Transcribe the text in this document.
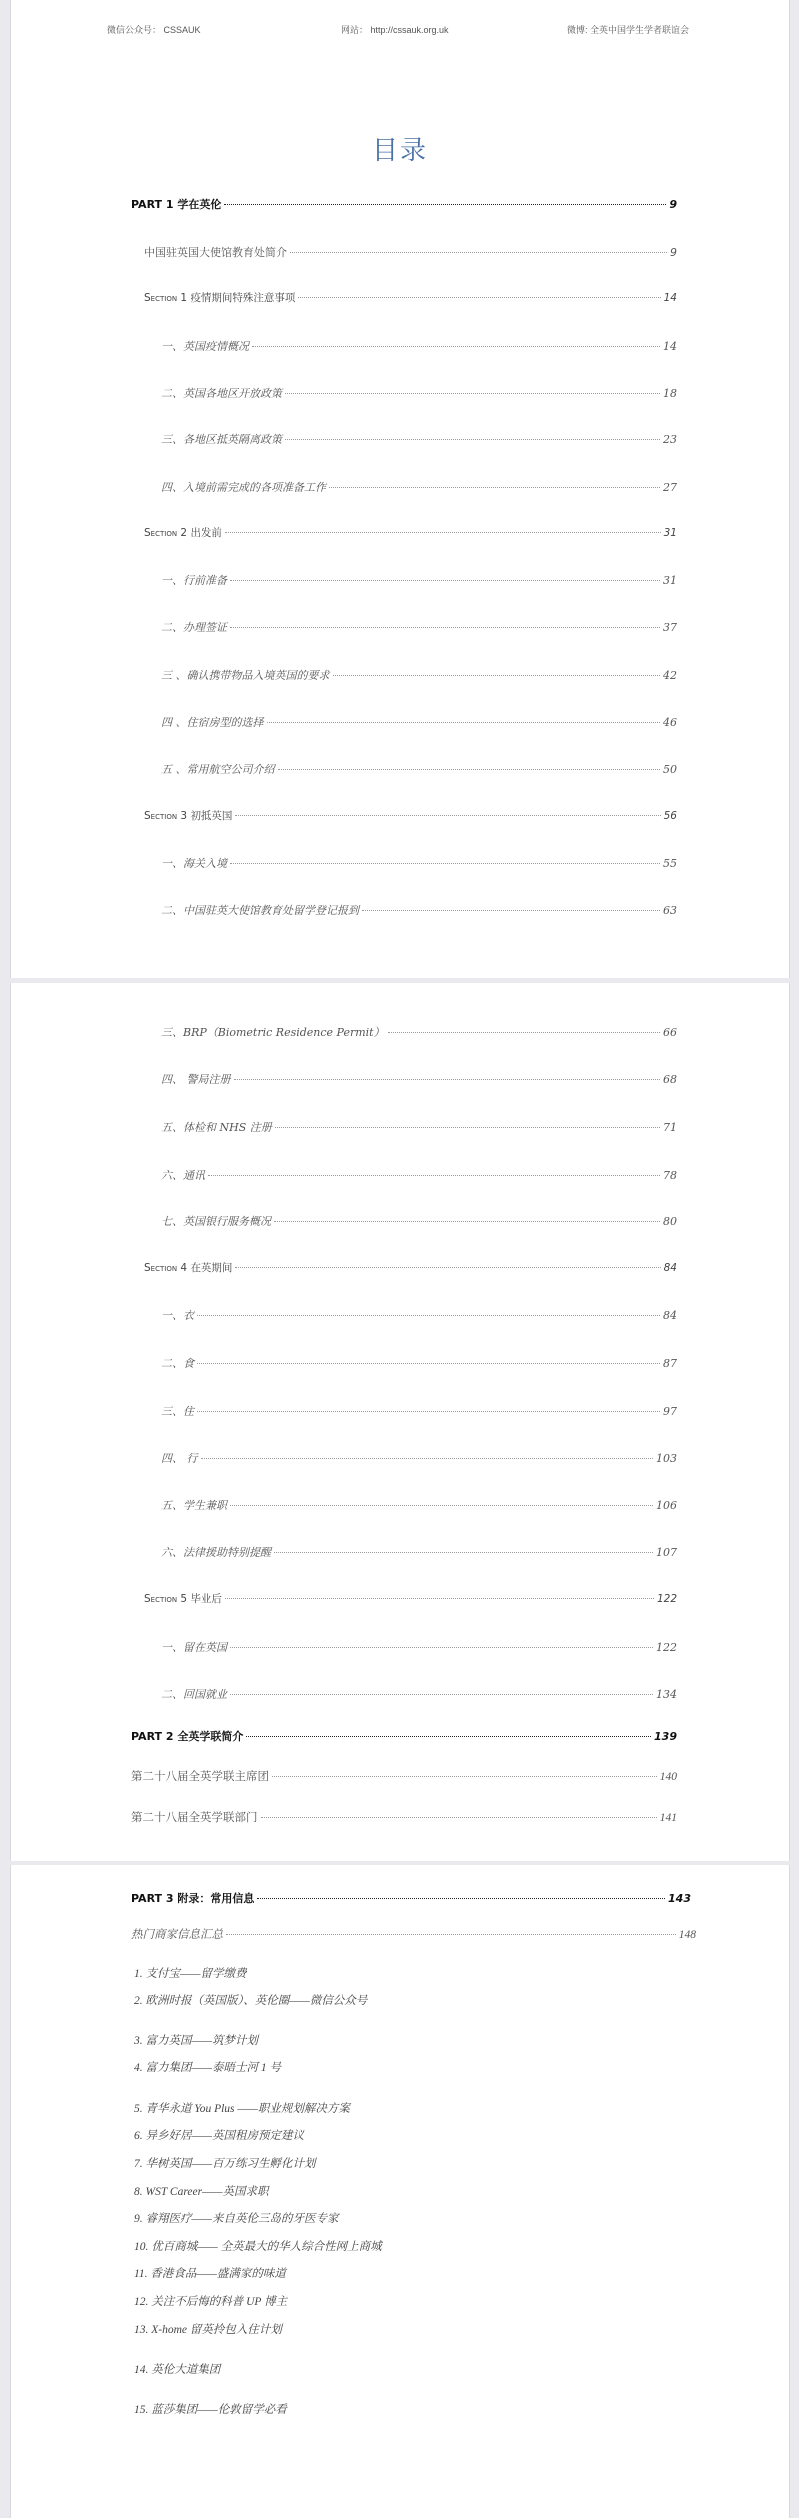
微信公众号： CSSAUK	网站： http://cssauk.org.uk	微博: 全英中国学生学者联谊会
目录
PART 1 学在英伦	9
中国驻英国大使馆教育处简介	9
Section 1 疫情期间特殊注意事项	14
一、英国疫情概况	14
二、英国各地区开放政策	18
三、各地区抵英隔离政策	23
四、入境前需完成的各项准备工作	27
Section 2 出发前	31
一、行前准备	31
二、办理签证	37
三 、确认携带物品入境英国的要求	42
四 、住宿房型的选择	46
五 、常用航空公司介绍	50
Section 3 初抵英国	56
一、海关入境	55
二、中国驻英大使馆教育处留学登记报到	63
三、BRP（Biometric Residence Permit）	66
四、 警局注册	68
五、体检和 NHS 注册	71
六、通讯	78
七、英国银行服务概况	80
Section 4 在英期间	84
一、衣	84
二、食	87
三、住	97
四、 行	103
五、学生兼职	106
六、法律援助特别提醒	107
Section 5 毕业后	122
一、留在英国	122
二、回国就业	134
PART 2 全英学联简介	139
第二十八届全英学联主席团	140
第二十八届全英学联部门	141
PART 3 附录：常用信息	143
热门商家信息汇总	148
1. 支付宝——留学缴费
2. 欧洲时报（英国版）、英伦圈——微信公众号
3. 富力英国——筑梦计划
4. 富力集团——泰晤士河 1 号
5. 青华永道 You Plus ——职业规划解决方案
6. 异乡好居——英国租房预定建议
7. 华树英国——百万练习生孵化计划
8. WST Career——英国求职
9. 睿翔医疗——来自英伦三岛的牙医专家
10. 优百商城—— 全英最大的华人综合性网上商城
11. 香港食品——盛满家的味道
12. 关注不后悔的科普 UP 博主
13. X-home 留英拎包入住计划
14. 英伦大道集团
15. 蓝莎集团——伦敦留学必看
